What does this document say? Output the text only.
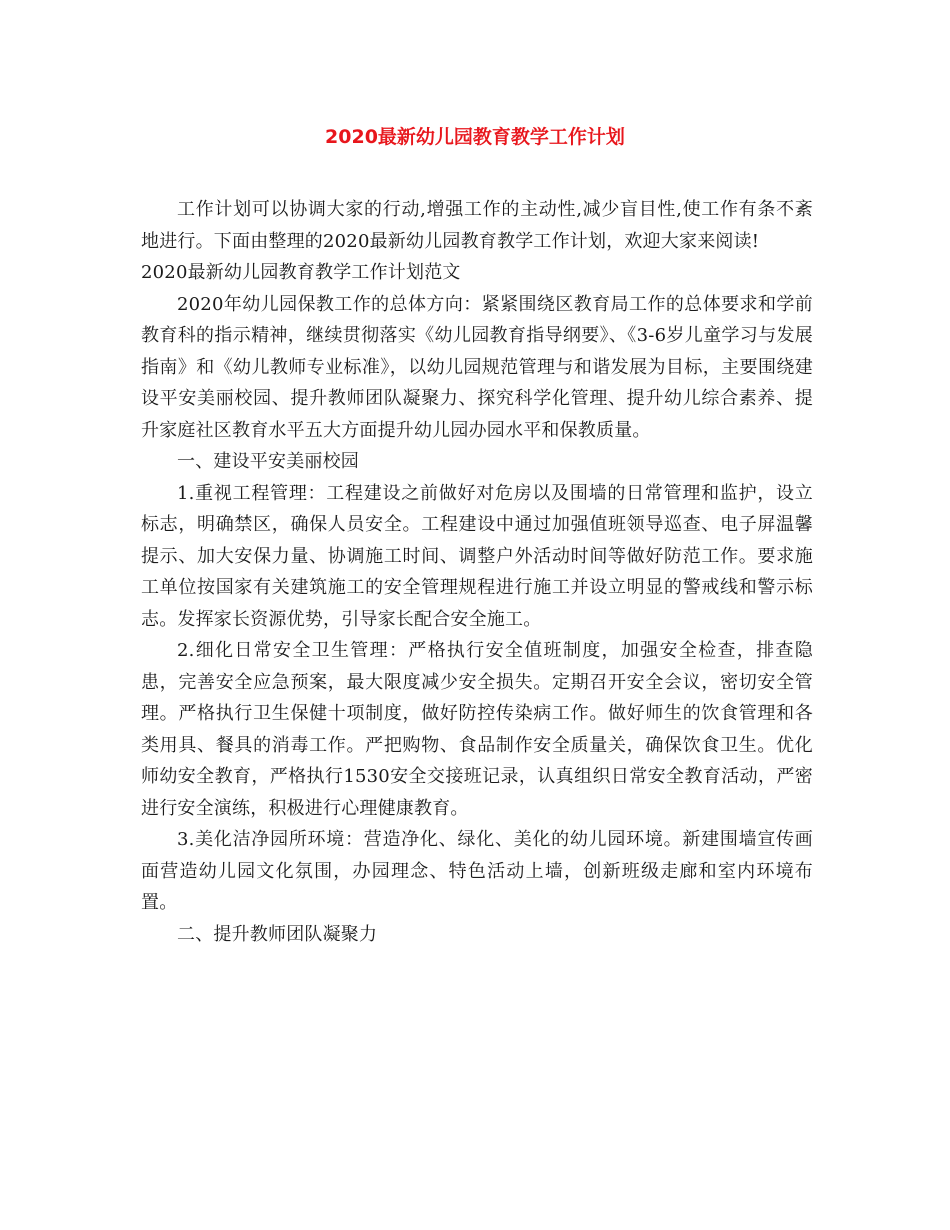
2020最新幼儿园教育教学工作计划

工作计划可以协调大家的行动,增强工作的主动性,减少盲目性,使工作有条不紊地进行。下面由整理的2020最新幼儿园教育教学工作计划，欢迎大家来阅读!

2020最新幼儿园教育教学工作计划范文

2020年幼儿园保教工作的总体方向：紧紧围绕区教育局工作的总体要求和学前教育科的指示精神，继续贯彻落实《幼儿园教育指导纲要》、《3-6岁儿童学习与发展指南》和《幼儿教师专业标准》，以幼儿园规范管理与和谐发展为目标，主要围绕建设平安美丽校园、提升教师团队凝聚力、探究科学化管理、提升幼儿综合素养、提升家庭社区教育水平五大方面提升幼儿园办园水平和保教质量。

一、建设平安美丽校园

1.重视工程管理：工程建设之前做好对危房以及围墙的日常管理和监护，设立标志，明确禁区，确保人员安全。工程建设中通过加强值班领导巡查、电子屏温馨提示、加大安保力量、协调施工时间、调整户外活动时间等做好防范工作。要求施工单位按国家有关建筑施工的安全管理规程进行施工并设立明显的警戒线和警示标志。发挥家长资源优势，引导家长配合安全施工。

2.细化日常安全卫生管理：严格执行安全值班制度，加强安全检查，排查隐患，完善安全应急预案，最大限度减少安全损失。定期召开安全会议，密切安全管理。严格执行卫生保健十项制度，做好防控传染病工作。做好师生的饮食管理和各类用具、餐具的消毒工作。严把购物、食品制作安全质量关，确保饮食卫生。优化师幼安全教育，严格执行1530安全交接班记录，认真组织日常安全教育活动，严密进行安全演练，积极进行心理健康教育。

3.美化洁净园所环境：营造净化、绿化、美化的幼儿园环境。新建围墙宣传画面营造幼儿园文化氛围，办园理念、特色活动上墙，创新班级走廊和室内环境布置。

二、提升教师团队凝聚力
